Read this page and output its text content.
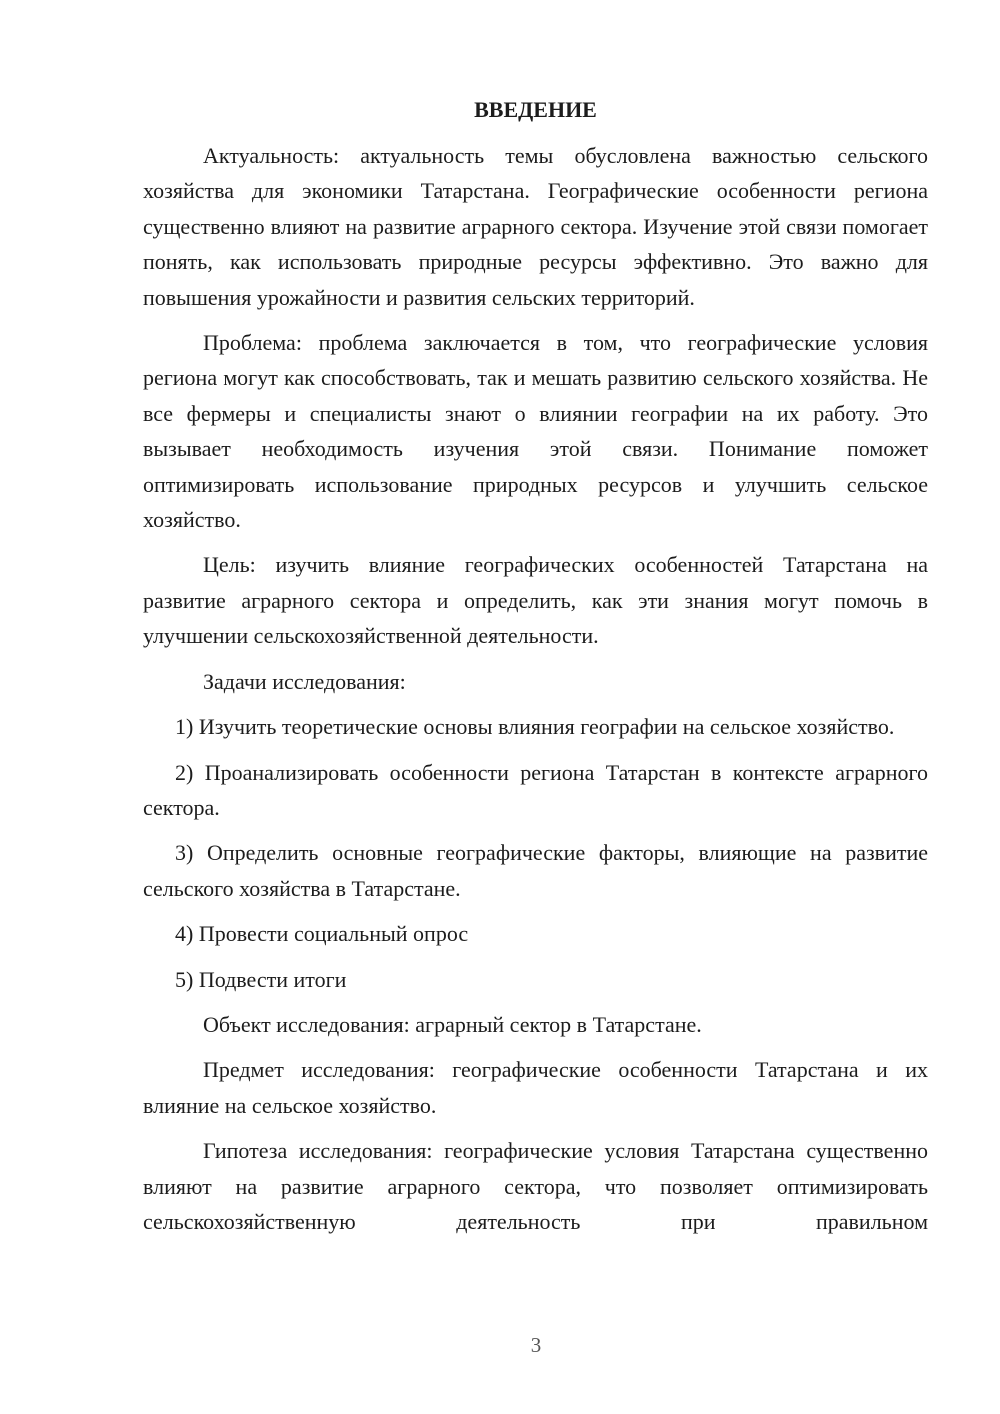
ВВЕДЕНИЕ

Актуальность: актуальность темы обусловлена важностью сельского хозяйства для экономики Татарстана. Географические особенности региона существенно влияют на развитие аграрного сектора. Изучение этой связи помогает понять, как использовать природные ресурсы эффективно. Это важно для повышения урожайности и развития сельских территорий.

Проблема: проблема заключается в том, что географические условия региона могут как способствовать, так и мешать развитию сельского хозяйства. Не все фермеры и специалисты знают о влиянии географии на их работу. Это вызывает необходимость изучения этой связи. Понимание поможет оптимизировать использование природных ресурсов и улучшить сельское хозяйство.

Цель: изучить влияние географических особенностей Татарстана на развитие аграрного сектора и определить, как эти знания могут помочь в улучшении сельскохозяйственной деятельности.

Задачи исследования:

1) Изучить теоретические основы влияния географии на сельское хозяйство.

2) Проанализировать особенности региона Татарстан в контексте аграрного сектора.

3) Определить основные географические факторы, влияющие на развитие сельского хозяйства в Татарстане.

4) Провести социальный опрос

5) Подвести итоги

Объект исследования: аграрный сектор в Татарстане.

Предмет исследования: географические особенности Татарстана и их влияние на сельское хозяйство.

Гипотеза исследования: географические условия Татарстана существенно влияют на развитие аграрного сектора, что позволяет оптимизировать сельскохозяйственную деятельность при правильном

3
